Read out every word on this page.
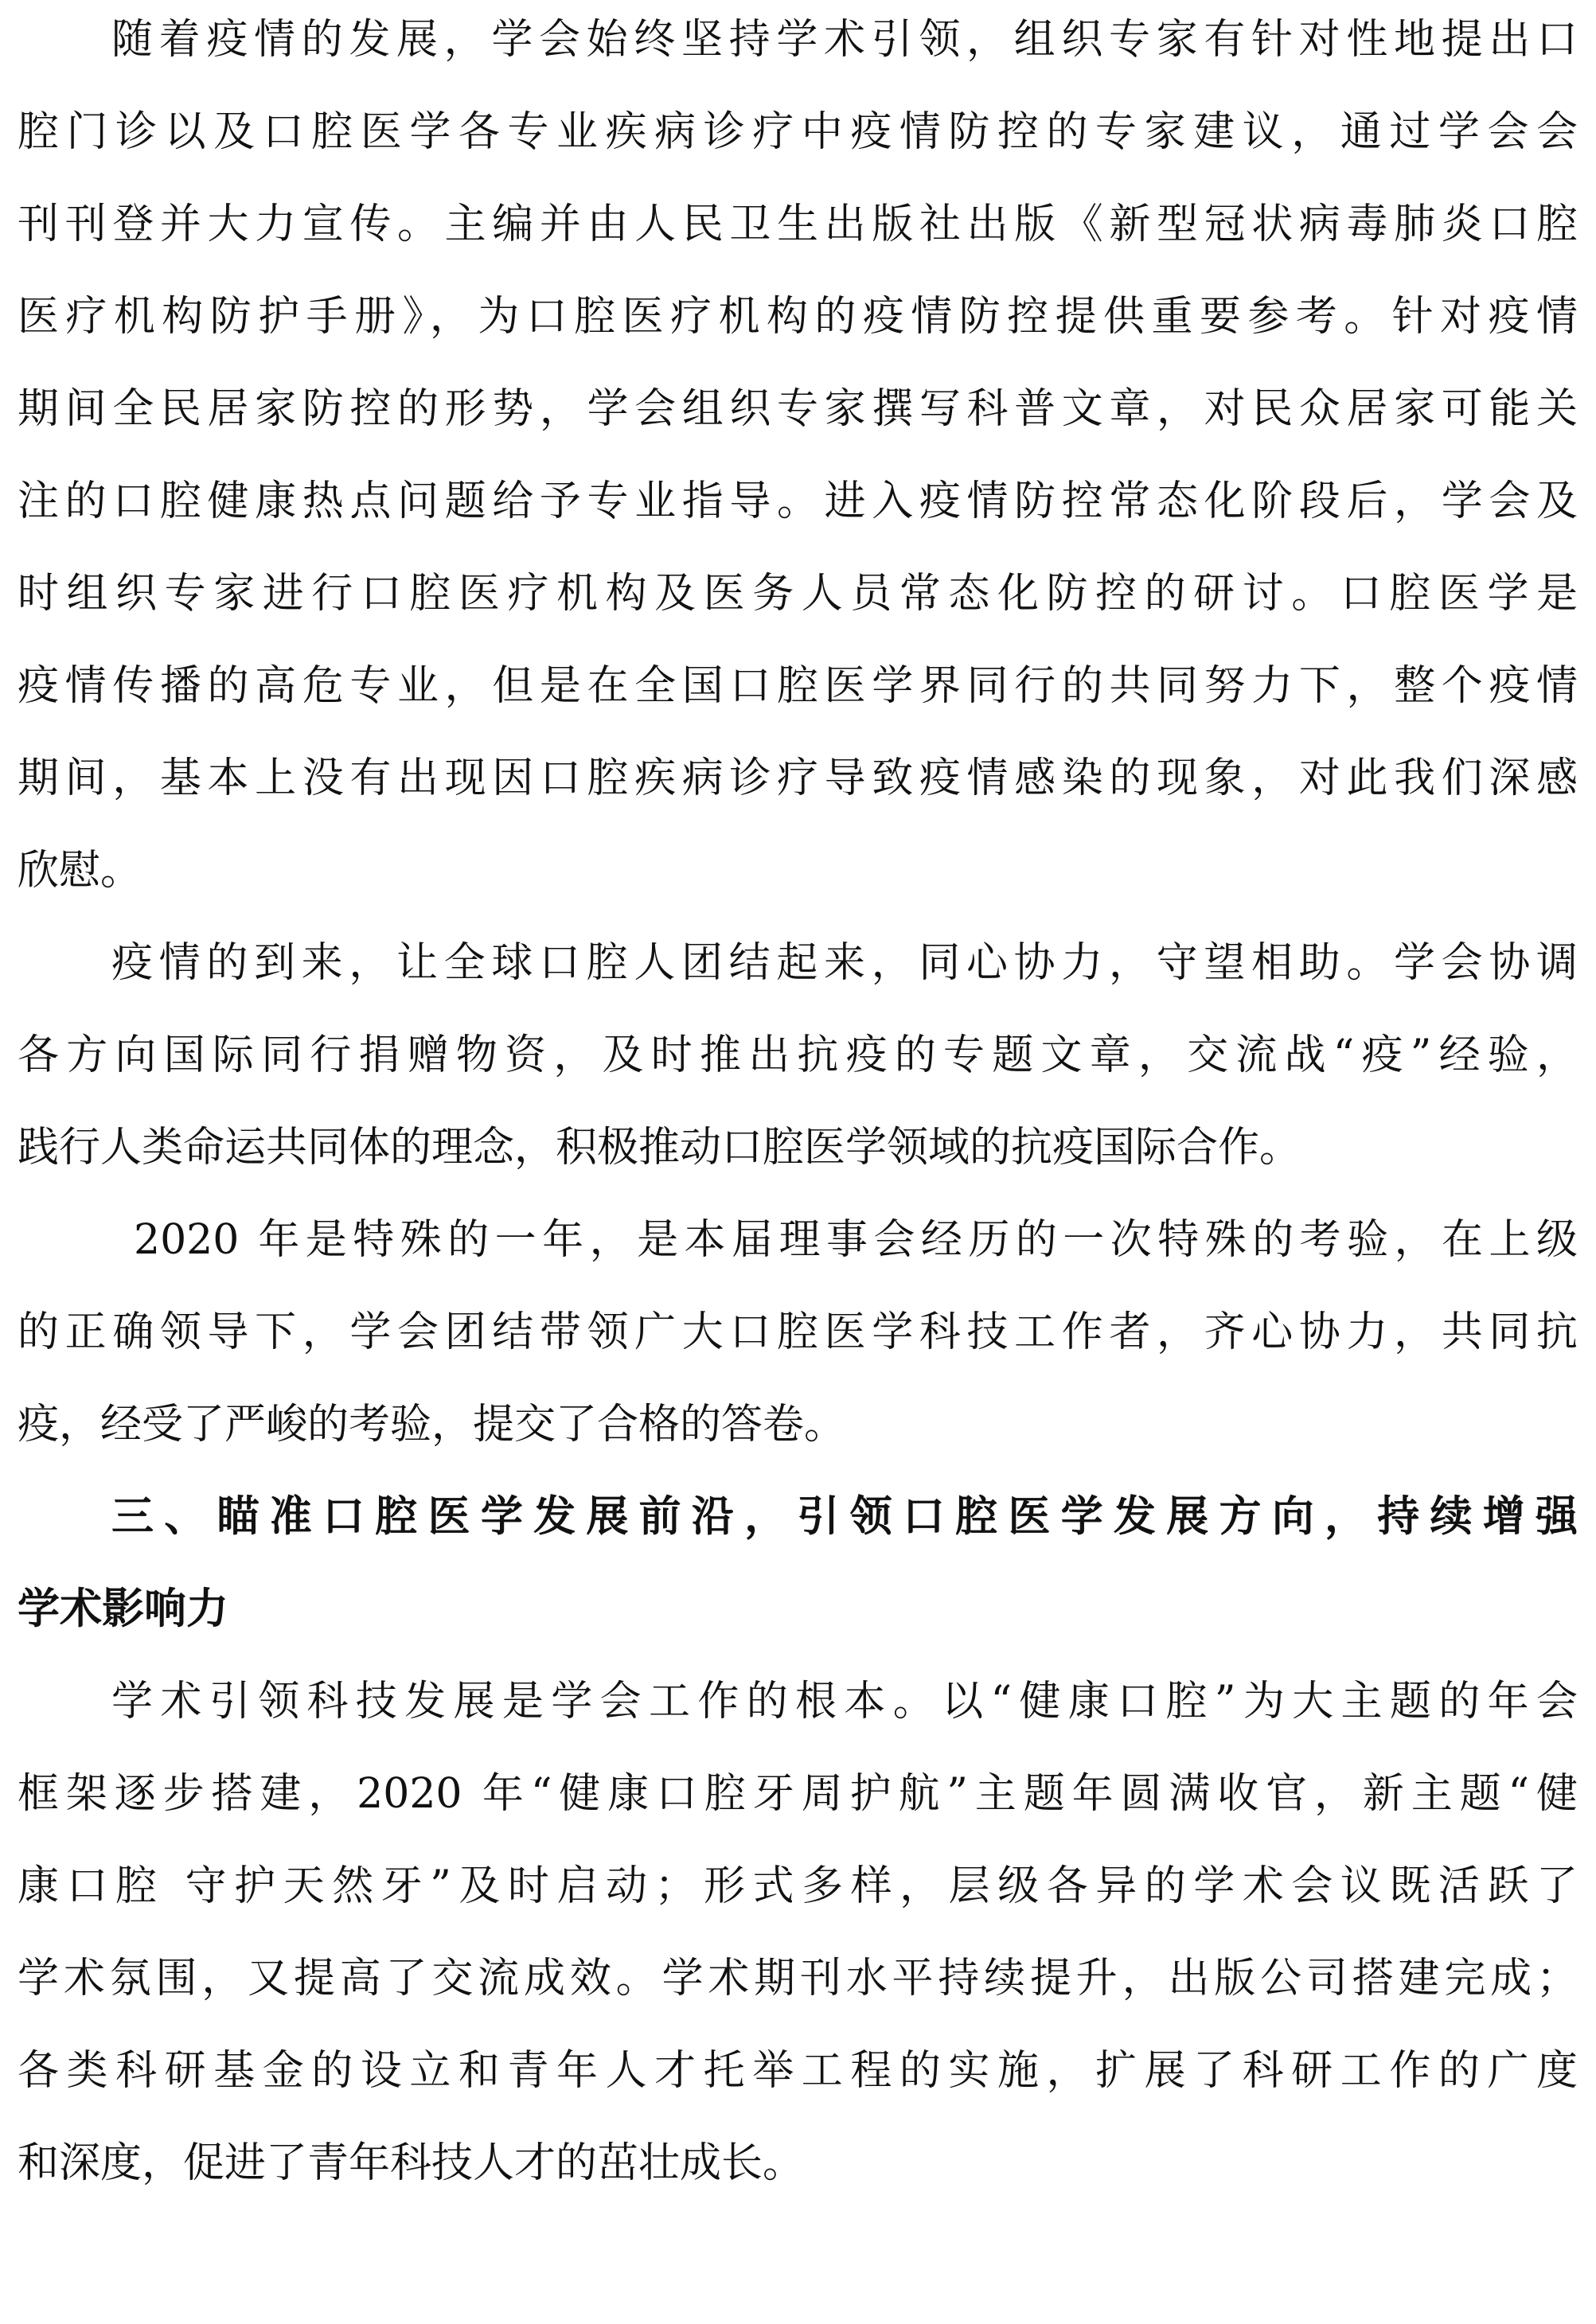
随着疫情的发展，学会始终坚持学术引领，组织专家有针对性地提出口
腔门诊以及口腔医学各专业疾病诊疗中疫情防控的专家建议，通过学会会
刊刊登并大力宣传。主编并由人民卫生出版社出版《新型冠状病毒肺炎口腔
医疗机构防护手册》，为口腔医疗机构的疫情防控提供重要参考。针对疫情
期间全民居家防控的形势，学会组织专家撰写科普文章，对民众居家可能关
注的口腔健康热点问题给予专业指导。进入疫情防控常态化阶段后，学会及
时组织专家进行口腔医疗机构及医务人员常态化防控的研讨。口腔医学是
疫情传播的高危专业，但是在全国口腔医学界同行的共同努力下，整个疫情
期间，基本上没有出现因口腔疾病诊疗导致疫情感染的现象，对此我们深感
欣慰。
疫情的到来，让全球口腔人团结起来，同心协力，守望相助。学会协调
各方向国际同行捐赠物资，及时推出抗疫的专题文章，交流战“疫”经验，
践行人类命运共同体的理念，积极推动口腔医学领域的抗疫国际合作。
2020 年是特殊的一年，是本届理事会经历的一次特殊的考验，在上级
的正确领导下，学会团结带领广大口腔医学科技工作者，齐心协力，共同抗
疫，经受了严峻的考验，提交了合格的答卷。
三、瞄准口腔医学发展前沿，引领口腔医学发展方向，持续增强
学术影响力
学术引领科技发展是学会工作的根本。以“健康口腔”为大主题的年会
框架逐步搭建，2020 年“健康口腔牙周护航”主题年圆满收官，新主题“健
康口腔 守护天然牙”及时启动；形式多样，层级各异的学术会议既活跃了
学术氛围，又提高了交流成效。学术期刊水平持续提升，出版公司搭建完成；
各类科研基金的设立和青年人才托举工程的实施，扩展了科研工作的广度
和深度，促进了青年科技人才的茁壮成长。
